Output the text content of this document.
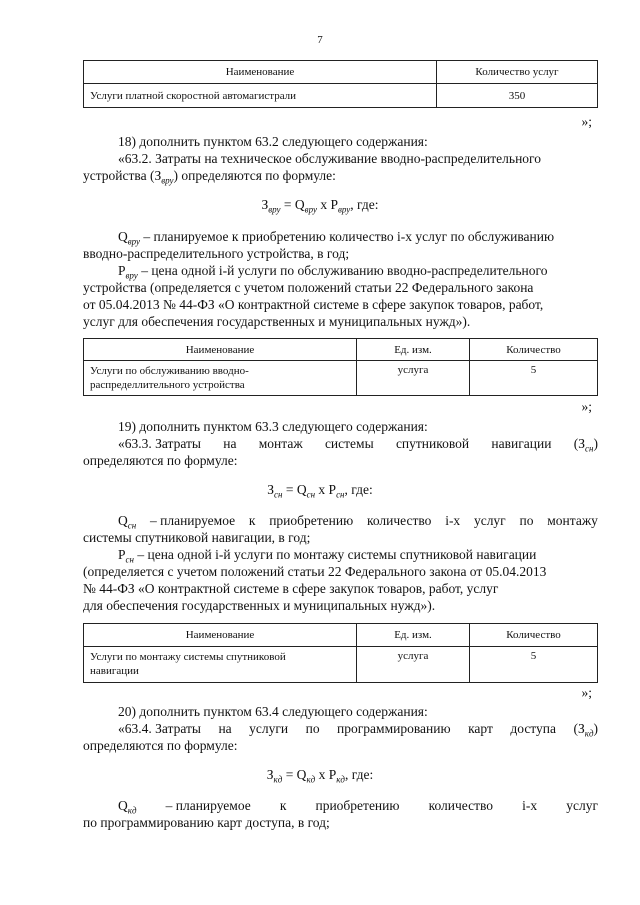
7
Наименование	Количество услуг
Услуги платной скоростной автомагистрали	350
»;
18) дополнить пунктом 63.2 следующего содержания:
«63.2. Затраты на техническое обслуживание вводно-распределительного
устройства $(З_{вру})$ определяются по формуле:
$З_{вру} = Q_{вру}$ x $P_{вру}$, где:
$Q_{вру}$ – планируемое к приобретению количество i-х услуг по обслуживанию
вводно-распределительного устройства, в год;
$P_{вру}$ – цена одной i-й услуги по обслуживанию вводно-распределительного
устройства (определяется с учетом положений статьи 22 Федерального закона
от 05.04.2013 № 44-ФЗ «О контрактной системе в сфере закупок товаров, работ,
услуг для обеспечения государственных и муниципальных нужд»).
Наименование	Ед. изм.	Количество

Услуги по обслуживанию вводно-
распределлительного устройства	услуга	5
»;
19) дополнить пунктом 63.3 следующего содержания:
«63.3. Затраты на монтаж системы спутниковой навигации $(З_{сн})$
определяются по формуле:
$З_{сн} = Q_{сн}$ x $P_{сн}$, где:
$Q_{сн}$ – планируемое к приобретению количество i-х услуг по монтажу
системы спутниковой навигации, в год;
$P_{сн}$ – цена одной i-й услуги по монтажу системы спутниковой навигации
(определяется с учетом положений статьи 22 Федерального закона от 05.04.2013
№ 44-ФЗ «О контрактной системе в сфере закупок товаров, работ, услуг
для обеспечения государственных и муниципальных нужд»).
Наименование	Ед. изм.	Количество

Услуги по монтажу системы спутниковой
навигации	услуга	5
»;
20) дополнить пунктом 63.4 следующего содержания:
«63.4. Затраты на услуги по программированию карт доступа $(З_{кд})$
определяются по формуле:
$З_{кд} = Q_{кд}$ x $P_{кд}$, где:
$Q_{кд}$ – планируемое к приобретению количество i-х услуг
по программированию карт доступа, в год;
